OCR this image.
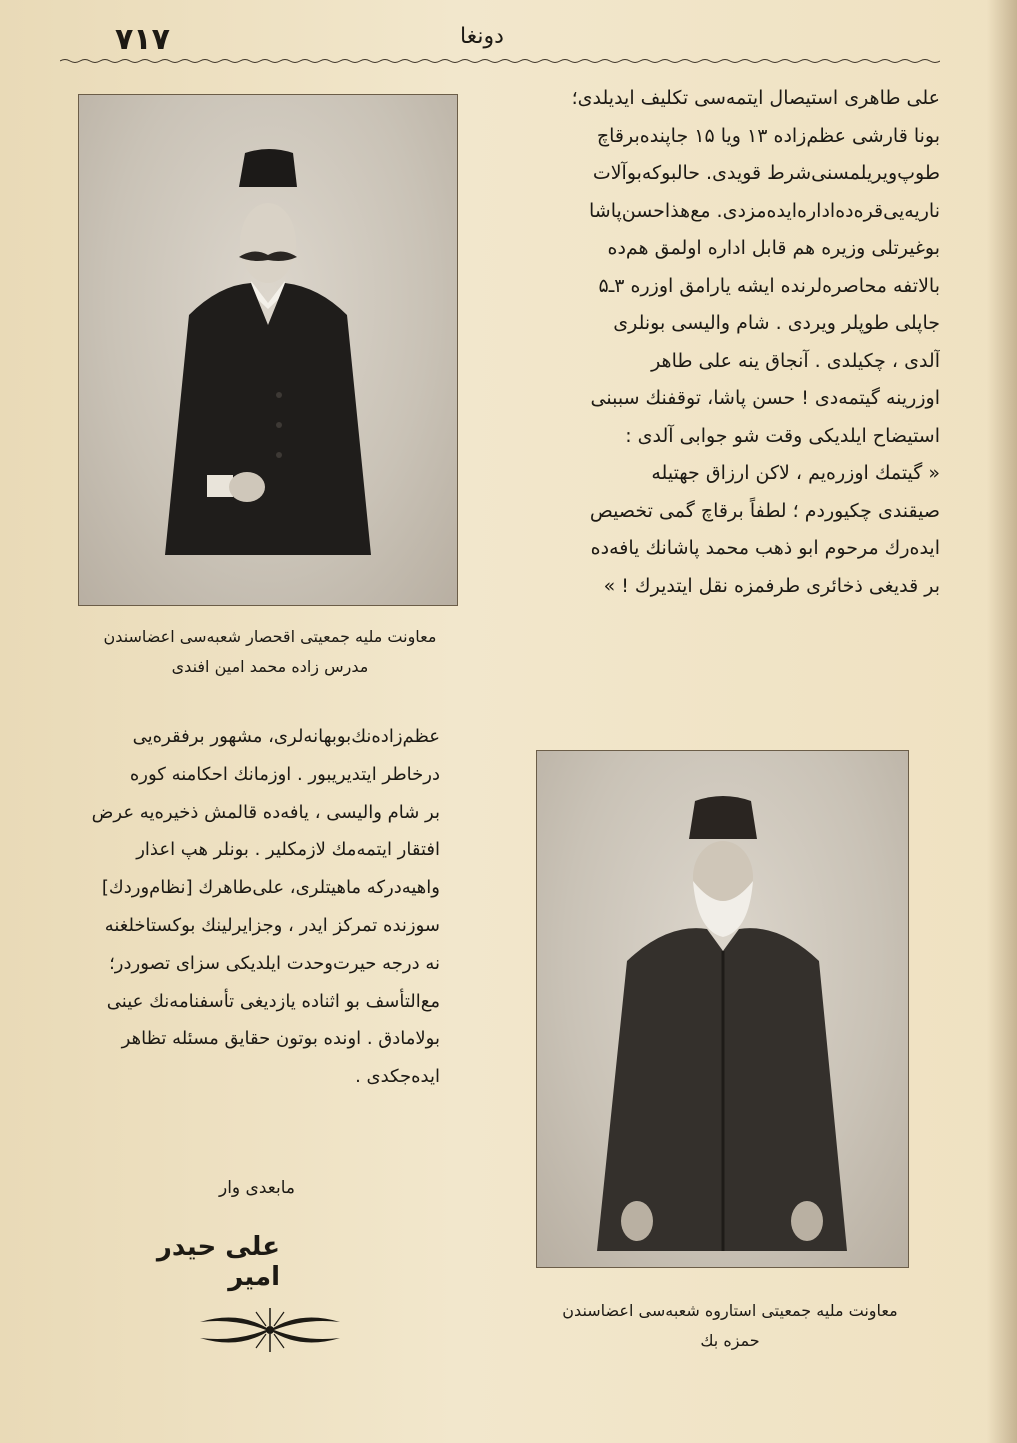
٧١٧	دونغا
علی طاهری استیصال ایتمه‌سی تکلیف ایدیلدی؛
بونا قارشی عظم‌زاده ۱۳ ویا ۱۵ جاپنده‌برقاچ
طوپ‌ویریلمسنی‌شرط قویدی. حالبوکه‌بوآلات
ناریه‌یی‌قره‌ده‌اداره‌ایده‌مزدی. مع‌هذاحسن‌پاشا
بوغیرتلی وزیره هم قابل اداره اولمق هم‌ده
بالاتفه محاصره‌لرنده ایشه یارامق اوزره ۳ـ۵
جاپلی طوپلر ویردی . شام والیسی بونلری
آلدی ، چکیلدی . آنجاق ینه علی طاهر
اوزرینه گیتمه‌دی ! حسن پاشا، توقفنك سببنی
استیضاح ایلدیکی وقت شو جوابی آلدی :
« گیتمك اوزره‌یم ، لاكن ارزاق جهتیله
صیقندی چکیوردم ؛ لطفاً برقاچ گمی تخصیص
ایده‌رك مرحوم ابو ذهب محمد پاشانك یافه‌ده
بر قدیغی ذخائری طرفمزه نقل ایتدیرك ! »
معاونت ملیه جمعیتی اقحصار شعبه‌سی اعضاسندن
مدرس زاده محمد امین افندی
عظم‌زاده‌نك‌بوبهانه‌لری، مشهور برفقره‌یی
درخاطر ایتدیریبور . اوزمانك احکامنه کوره
بر شام والیسی ، یافه‌ده قالمش ذخیره‌یه عرض
افتقار ایتمه‌مك لازمکلیر . بونلر هپ اعذار
واهیه‌درکه ماهیتلری، علی‌طاهرك [نظام‌وردك]
سوزنده تمرکز ایدر ، وجزایرلینك بوکستاخلغنه
نه درجه حیرت‌وحدت ایلدیکی سزای تصوردر؛
مع‌التأسف بو اثناده یازدیغی تأسفنامه‌نك عینی
بولامادق . اونده بوتون حقایق مسئله تظاهر
ایده‌جکدی .
مابعدی وار
علی حیدر امیر
معاونت ملیه جمعیتی استاروه شعبه‌سی اعضاسندن
حمزه بك
